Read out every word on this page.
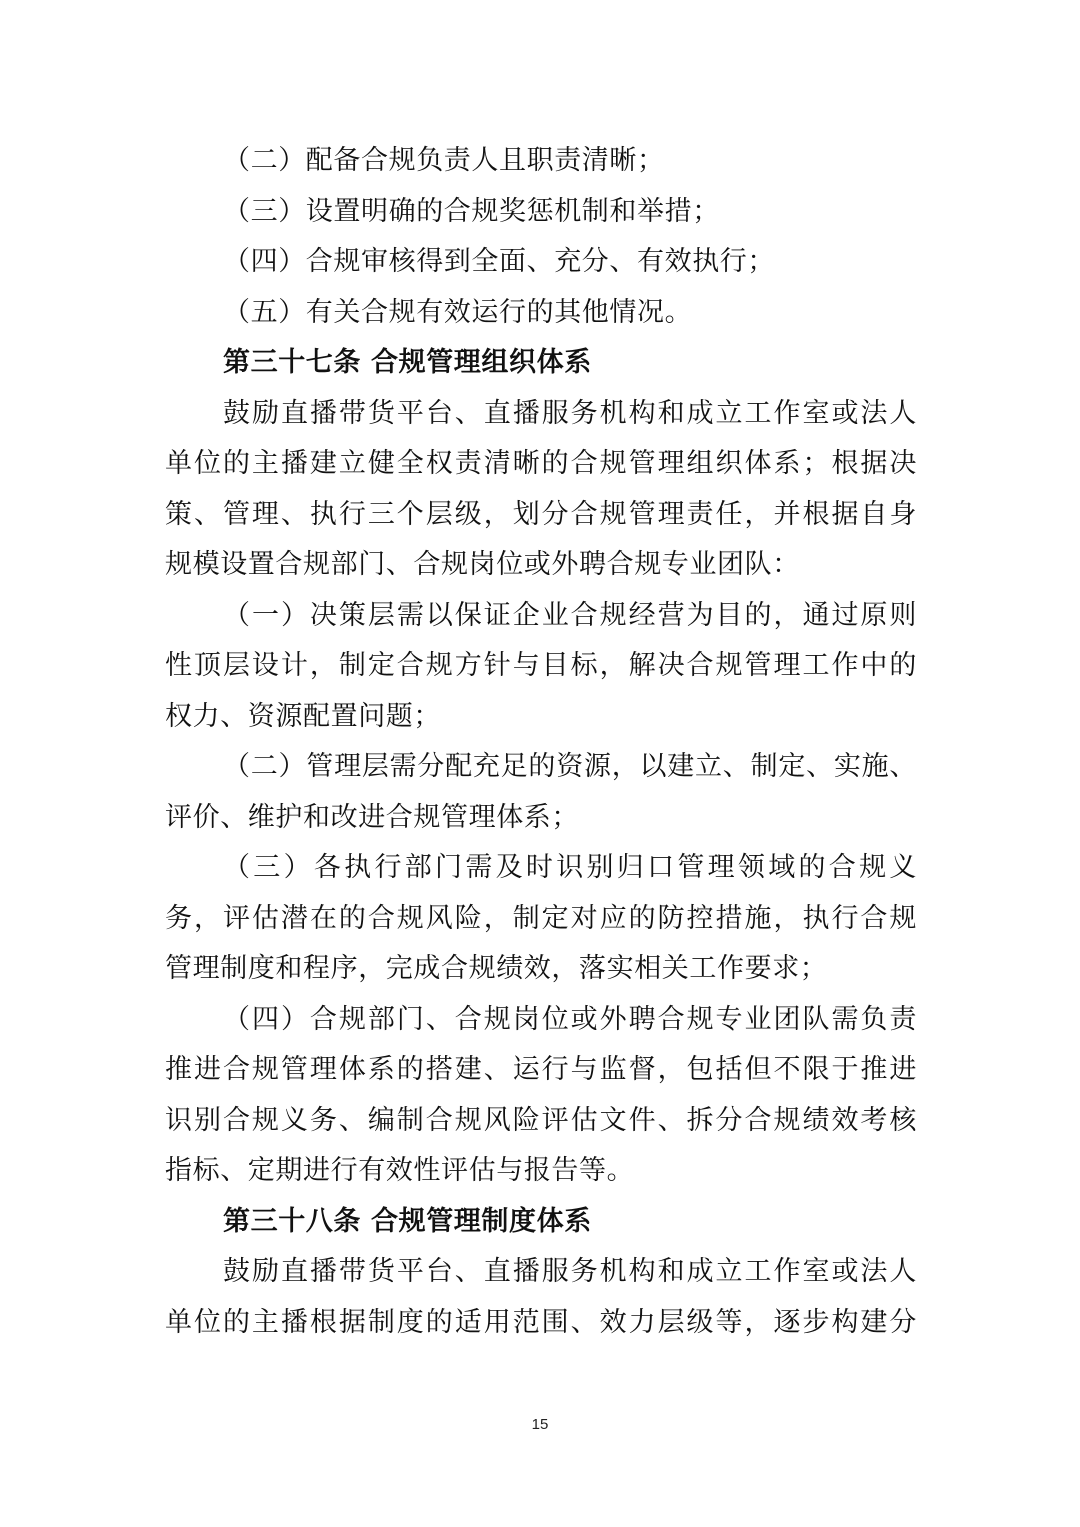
（二）配备合规负责人且职责清晰；
（三）设置明确的合规奖惩机制和举措；
（四）合规审核得到全面、充分、有效执行；
（五）有关合规有效运行的其他情况。
第三十七条 合规管理组织体系
鼓励直播带货平台、直播服务机构和成立工作室或法人
单位的主播建立健全权责清晰的合规管理组织体系；根据决
策、管理、执行三个层级，划分合规管理责任，并根据自身
规模设置合规部门、合规岗位或外聘合规专业团队：
（一）决策层需以保证企业合规经营为目的，通过原则
性顶层设计，制定合规方针与目标，解决合规管理工作中的
权力、资源配置问题；
（二）管理层需分配充足的资源，以建立、制定、实施、
评价、维护和改进合规管理体系；
（三）各执行部门需及时识别归口管理领域的合规义
务，评估潜在的合规风险，制定对应的防控措施，执行合规
管理制度和程序，完成合规绩效，落实相关工作要求；
（四）合规部门、合规岗位或外聘合规专业团队需负责
推进合规管理体系的搭建、运行与监督，包括但不限于推进
识别合规义务、编制合规风险评估文件、拆分合规绩效考核
指标、定期进行有效性评估与报告等。
第三十八条 合规管理制度体系
鼓励直播带货平台、直播服务机构和成立工作室或法人
单位的主播根据制度的适用范围、效力层级等，逐步构建分
15
